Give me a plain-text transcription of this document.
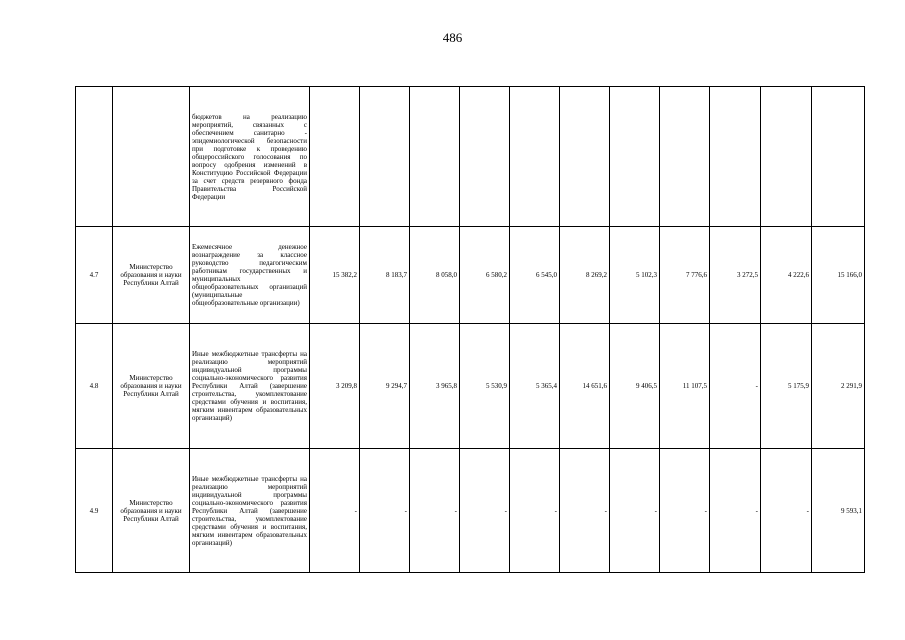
486
		бюджетов на реализацию мероприятий, связанных с обеспечением санитарно - эпидемиологической безопасности при подготовке к проведению общероссийского голосования по вопросу одобрения изменений в Конституцию Российской Федерации за счет средств резервного фонда Правительства Российской Федерации											
4.7	Министерство образования и науки Республики Алтай	Ежемесячное денежное вознаграждение за классное руководство педагогическим работникам государственных и муниципальных общеобразовательных организаций (муниципальные общеобразовательные организации)	15 382,2	8 183,7	8 058,0	6 580,2	6 545,0	8 269,2	5 102,3	7 776,6	3 272,5	4 222,6	15 166,0
4.8	Министерство образования и науки Республики Алтай	Иные межбюджетные трансферты на реализацию мероприятий индивидуальной программы социально-экономического развития Республики Алтай (завершение строительства, укомплектование средствами обучения и воспитания, мягким инвентарем образовательных организаций)	3 209,8	9 294,7	3 965,8	5 530,9	5 365,4	14 651,6	9 406,5	11 107,5	-	5 175,9	2 291,9
4.9	Министерство образования и науки Республики Алтай	Иные межбюджетные трансферты на реализацию мероприятий индивидуальной программы социально-экономического развития Республики Алтай (завершение строительства, укомплектование средствами обучения и воспитания, мягким инвентарем образовательных организаций)	-	-	-	-	-	-	-	-	-	-	9 593,1
